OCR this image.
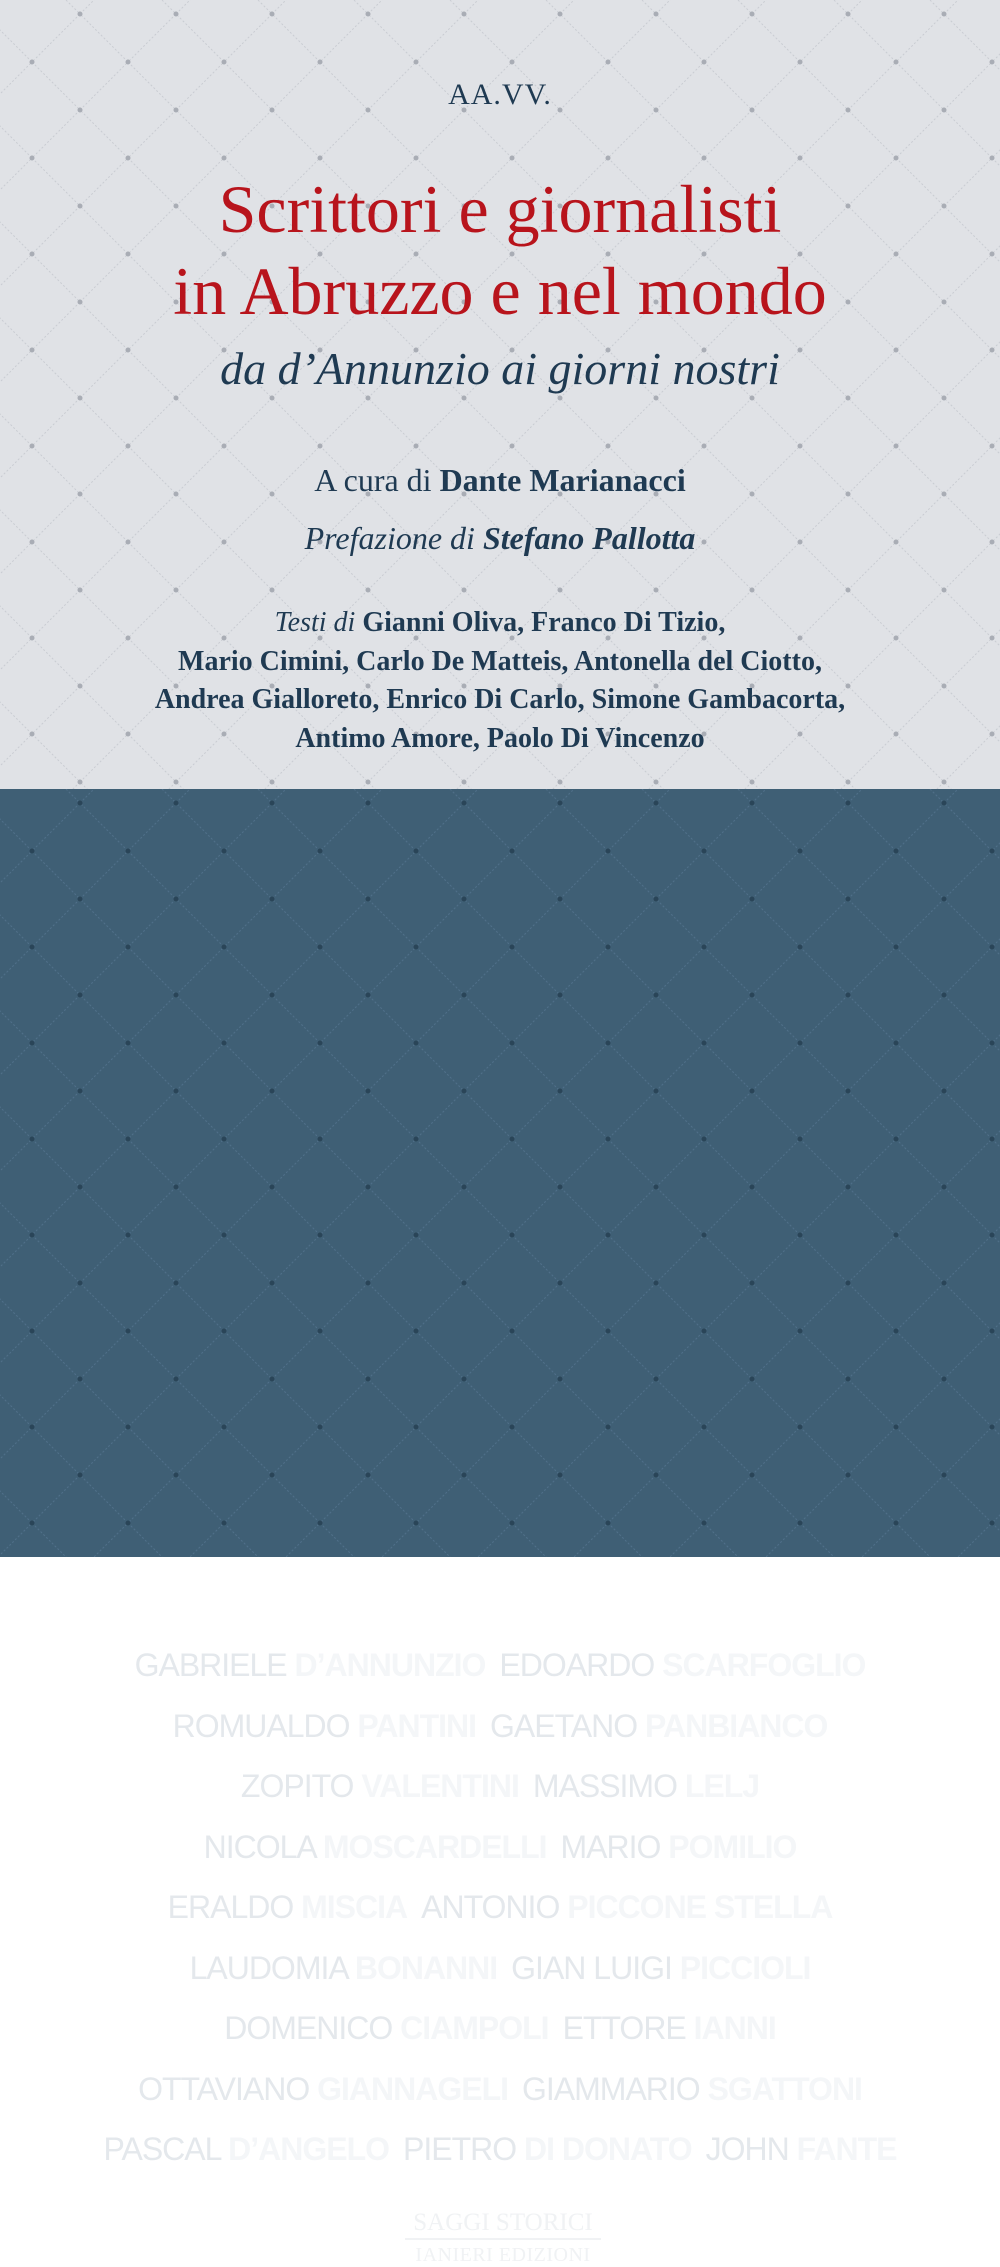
AA.VV.
Scrittori e giornalisti
in Abruzzo e nel mondo
da d’Annunzio ai giorni nostri
A cura di Dante Marianacci
Prefazione di Stefano Pallotta
Testi di Gianni Oliva, Franco Di Tizio,
Mario Cimini, Carlo De Matteis, Antonella del Ciotto,
Andrea Gialloreto, Enrico Di Carlo, Simone Gambacorta,
Antimo Amore, Paolo Di Vincenzo
GABRIELE D’ANNUNZIO EDOARDO SCARFOGLIO
ROMUALDO PANTINI GAETANO PANBIANCO
ZOPITO VALENTINI MASSIMO LELJ
NICOLA MOSCARDELLI MARIO POMILIO
ERALDO MISCIA ANTONIO PICCONE STELLA
LAUDOMIA BONANNI GIAN LUIGI PICCIOLI
DOMENICO CIAMPOLI ETTORE IANNI
OTTAVIANO GIANNAGELI GIAMMARIO SGATTONI
PASCAL D’ANGELO PIETRO DI DONATO JOHN FANTE
SAGGI STORICI
IANIERI EDIZIONI
